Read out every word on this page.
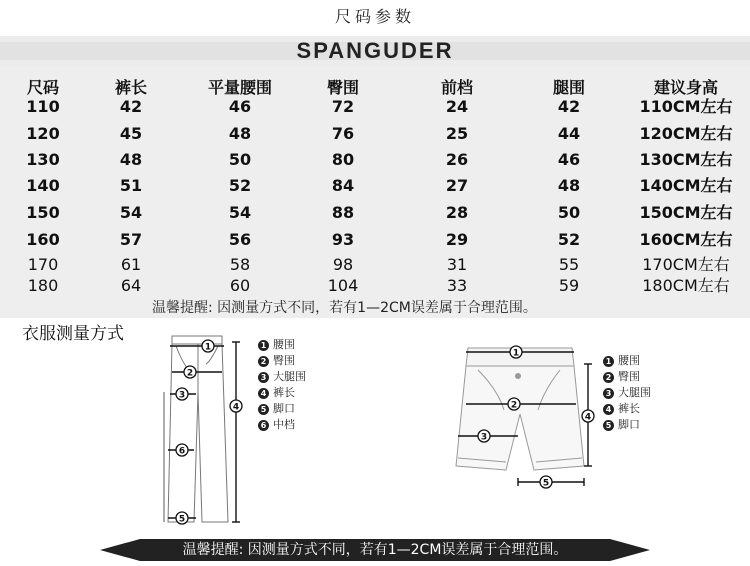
尺码参数
SPANGUDER
尺码	裤长	平量腰围	臀围	前档	腿围	建议身高
110	42	46	72	24	42	110CM左右
120	45	48	76	25	44	120CM左右
130	48	50	80	26	46	130CM左右
140	51	52	84	27	48	140CM左右
150	54	54	88	28	50	150CM左右
160	57	56	93	29	52	160CM左右
170	61	58	98	31	55	170CM左右
180	64	60	104	33	59	180CM左右
温馨提醒: 因测量方式不同，若有1—2CM误差属于合理范围。
衣服测量方式
1
2
3
4
6
5
1 腰围
2 臀围
3 大腿围
4 裤长
5 脚口
6 中档
1
2
3
4
5
1 腰围
2 臀围
3 大腿围
4 裤长
5 脚口
温馨提醒: 因测量方式不同，若有1—2CM误差属于合理范围。
